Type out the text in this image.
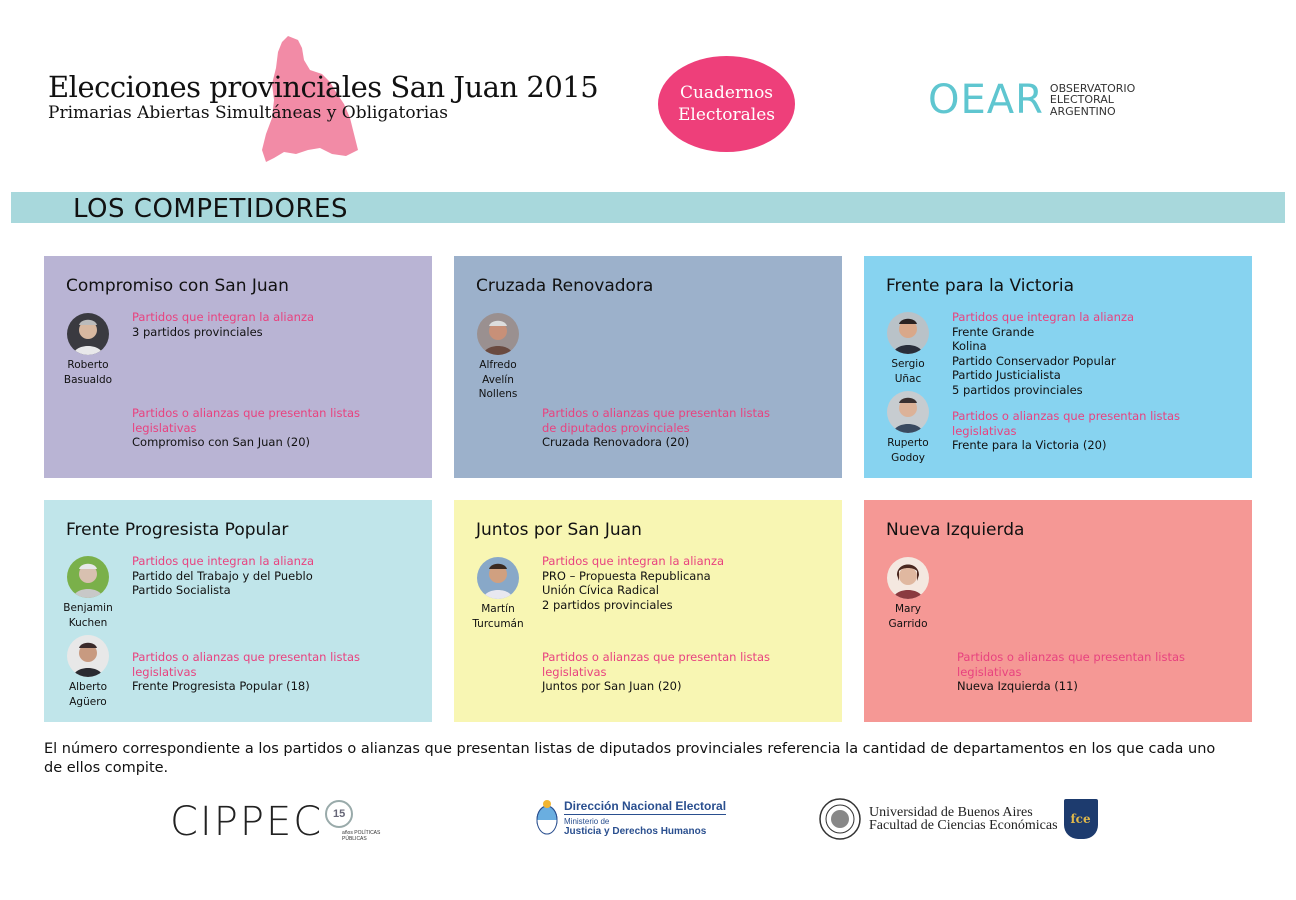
Elecciones provinciales San Juan 2015
Primarias Abiertas Simultáneas y Obligatorias
Cuadernos
Electorales	OEAR OBSERVATORIO
ELECTORAL
ARGENTINO
LOS COMPETIDORES
Compromiso con San Juan
Roberto
Basualdo
Partidos que integran la alianza
3 partidos provinciales
Partidos o alianzas que presentan listas
legislativas
Compromiso con San Juan (20)
Cruzada Renovadora
Alfredo
Avelín
Nollens
Partidos o alianzas que presentan listas
de diputados provinciales
Cruzada Renovadora (20)
Frente para la Victoria
Sergio
Uñac
Ruperto
Godoy
Partidos que integran la alianza
Frente Grande
Kolina
Partido Conservador Popular
Partido Justicialista
5 partidos provinciales
Partidos o alianzas que presentan listas
legislativas
Frente para la Victoria (20)
Frente Progresista Popular
Benjamin
Kuchen
Alberto
Agüero
Partidos que integran la alianza
Partido del Trabajo y del Pueblo
Partido Socialista
Partidos o alianzas que presentan listas
legislativas
Frente Progresista Popular (18)
Juntos por San Juan
Martín
Turcumán
Partidos que integran la alianza
PRO – Propuesta Republicana
Unión Cívica Radical
2 partidos provinciales
Partidos o alianzas que presentan listas
legislativas
Juntos por San Juan (20)
Nueva Izquierda
Mary
Garrido
Partidos o alianzas que presentan listas
legislativas
Nueva Izquierda (11)
El número correspondiente a los partidos o alianzas que presentan listas de diputados provinciales referencia la cantidad de departamentos en los que cada uno de ellos compite.
CIPPEC 15
años POLÍTICAS PÚBLICAS
Dirección Nacional Electoral
Ministerio de
Justicia y Derechos Humanos
Universidad de Buenos Aires
Facultad de Ciencias Económicas fce
